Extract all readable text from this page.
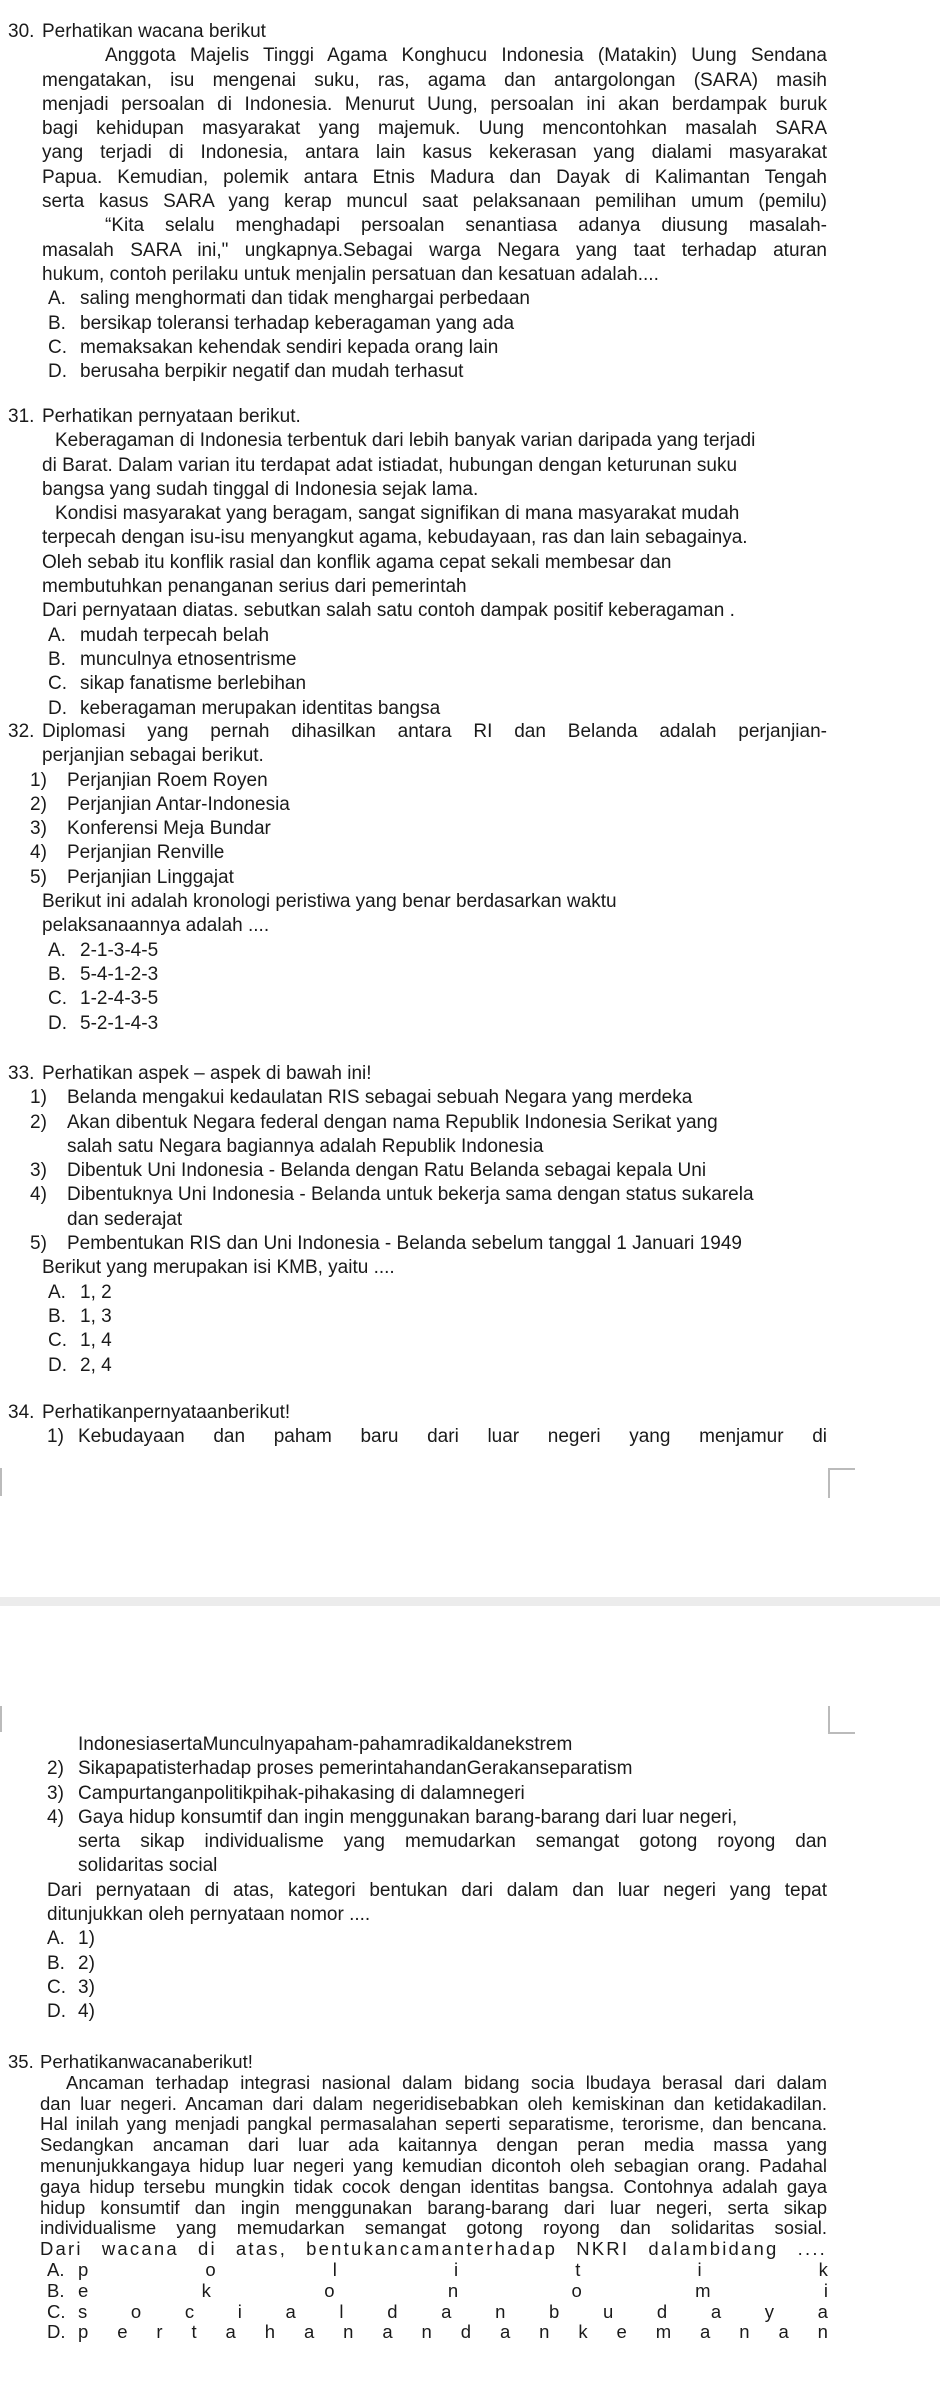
30. Perhatikan wacana berikut
Anggota Majelis Tinggi Agama Konghucu Indonesia (Matakin) Uung Sendana
mengatakan, isu mengenai suku, ras, agama dan antargolongan (SARA) masih
menjadi persoalan di Indonesia. Menurut Uung, persoalan ini akan berdampak buruk
bagi kehidupan masyarakat yang majemuk. Uung mencontohkan masalah SARA
yang terjadi di Indonesia, antara lain kasus kekerasan yang dialami masyarakat
Papua. Kemudian, polemik antara Etnis Madura dan Dayak di Kalimantan Tengah
serta kasus SARA yang kerap muncul saat pelaksanaan pemilihan umum (pemilu)
“Kita selalu menghadapi persoalan senantiasa adanya diusung masalah-
masalah SARA ini," ungkapnya.Sebagai warga Negara yang taat terhadap aturan
hukum, contoh perilaku untuk menjalin persatuan dan kesatuan adalah....
A. saling menghormati dan tidak menghargai perbedaan
B. bersikap toleransi terhadap keberagaman yang ada
C. memaksakan kehendak sendiri kepada orang lain
D. berusaha berpikir negatif dan mudah terhasut
31. Perhatikan pernyataan berikut.
Keberagaman di Indonesia terbentuk dari lebih banyak varian daripada yang terjadi
di Barat. Dalam varian itu terdapat adat istiadat, hubungan dengan keturunan suku
bangsa yang sudah tinggal di Indonesia sejak lama.
Kondisi masyarakat yang beragam, sangat signifikan di mana masyarakat mudah
terpecah dengan isu-isu menyangkut agama, kebudayaan, ras dan lain sebagainya.
Oleh sebab itu konflik rasial dan konflik agama cepat sekali membesar dan
membutuhkan penanganan serius dari pemerintah
Dari pernyataan diatas. sebutkan salah satu contoh dampak positif keberagaman .
A. mudah terpecah belah
B. munculnya etnosentrisme
C. sikap fanatisme berlebihan
D. keberagaman merupakan identitas bangsa
32. Diplomasi yang pernah dihasilkan antara RI dan Belanda adalah perjanjian-
perjanjian sebagai berikut.
1) Perjanjian Roem Royen
2) Perjanjian Antar-Indonesia
3) Konferensi Meja Bundar
4) Perjanjian Renville
5) Perjanjian Linggajat
Berikut ini adalah kronologi peristiwa yang benar berdasarkan waktu
pelaksanaannya adalah ....
A. 2-1-3-4-5
B. 5-4-1-2-3
C. 1-2-4-3-5
D. 5-2-1-4-3
33. Perhatikan aspek – aspek di bawah ini!
1) Belanda mengakui kedaulatan RIS sebagai sebuah Negara yang merdeka
2) Akan dibentuk Negara federal dengan nama Republik Indonesia Serikat yang
salah satu Negara bagiannya adalah Republik Indonesia
3) Dibentuk Uni Indonesia - Belanda dengan Ratu Belanda sebagai kepala Uni
4) Dibentuknya Uni Indonesia - Belanda untuk bekerja sama dengan status sukarela
dan sederajat
5) Pembentukan RIS dan Uni Indonesia - Belanda sebelum tanggal 1 Januari 1949
Berikut yang merupakan isi KMB, yaitu ....
A. 1, 2
B. 1, 3
C. 1, 4
D. 2, 4
34. Perhatikanpernyataanberikut!
1) Kebudayaan dan paham baru dari luar negeri yang menjamur di
IndonesiasertaMunculnyapaham-pahamradikaldanekstrem
2) Sikapapatisterhadap proses pemerintahandanGerakanseparatism
3) Campurtanganpolitikpihak-pihakasing di dalamnegeri
4) Gaya hidup konsumtif dan ingin menggunakan barang-barang dari luar negeri,
serta sikap individualisme yang memudarkan semangat gotong royong dan
solidaritas social
Dari pernyataan di atas, kategori bentukan dari dalam dan luar negeri yang tepat
ditunjukkan oleh pernyataan nomor ....
A. 1)
B. 2)
C. 3)
D. 4)
35. Perhatikanwacanaberikut!
Ancaman terhadap integrasi nasional dalam bidang socia lbudaya berasal dari dalam
dan luar negeri. Ancaman dari dalam negeridisebabkan oleh kemiskinan dan ketidakadilan.
Hal inilah yang menjadi pangkal permasalahan seperti separatisme, terorisme, dan bencana.
Sedangkan ancaman dari luar ada kaitannya dengan peran media massa yang
menunjukkangaya hidup luar negeri yang kemudian dicontoh oleh sebagian orang. Padahal
gaya hidup tersebu mungkin tidak cocok dengan identitas bangsa. Contohnya adalah gaya
hidup konsumtif dan ingin menggunakan barang-barang dari luar negeri, serta sikap
individualisme yang memudarkan semangat gotong royong dan solidaritas sosial.
Dari wacana di atas, bentukancamanterhadap NKRI dalambidang ....
A. p	o	l	i	t	i	k
B. e	k	o	n	o	m	i
C. s o c i a l d a n b u d a y a
D. p e r t a h a n a n d a n k e m a n a n
